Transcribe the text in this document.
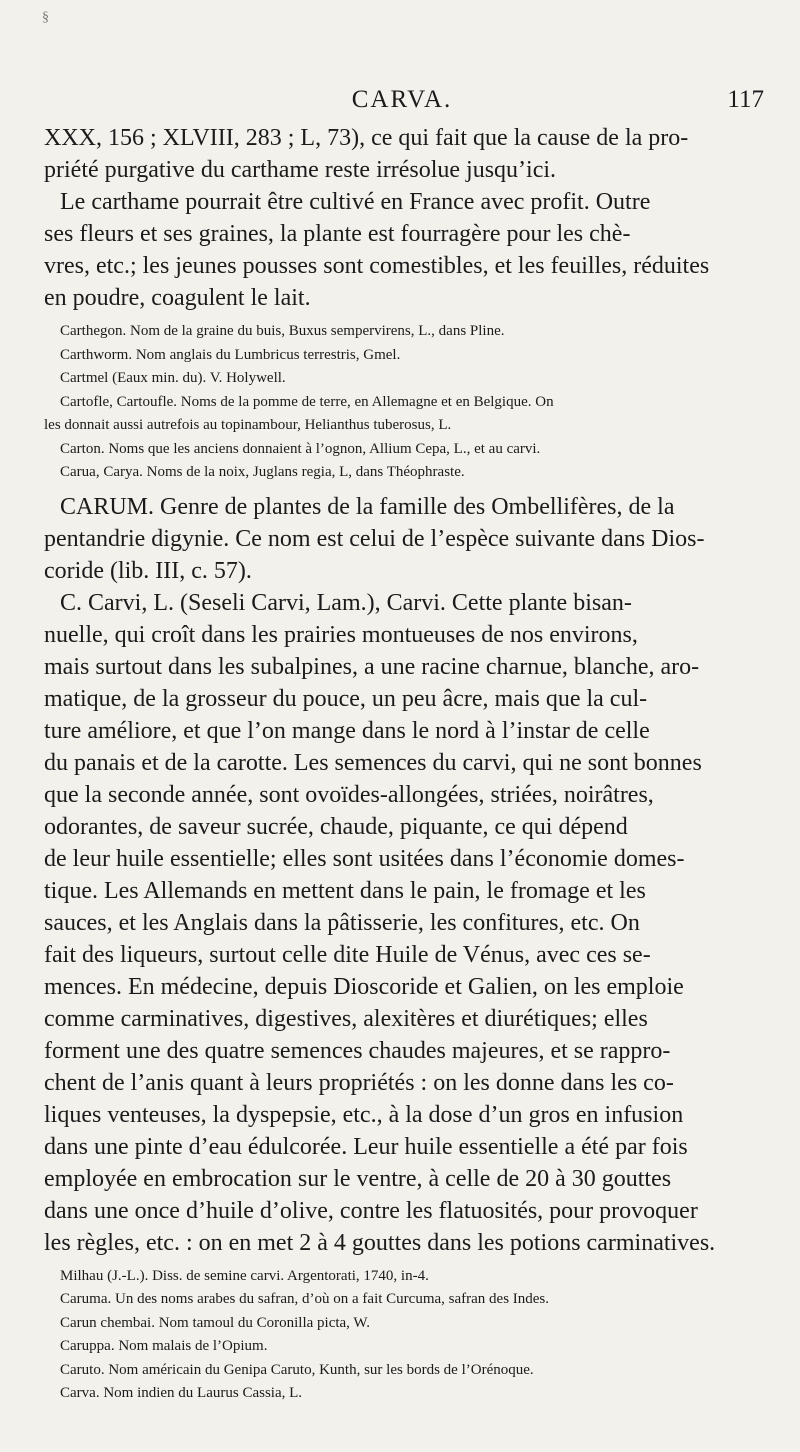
§
CARVA.	117
XXX, 156 ; XLVIII, 283 ; L, 73), ce qui fait que la cause de la pro-
priété purgative du carthame reste irrésolue jusqu’ici.
Le carthame pourrait être cultivé en France avec profit. Outre
ses fleurs et ses graines, la plante est fourragère pour les chè-
vres, etc.; les jeunes pousses sont comestibles, et les feuilles, réduites
en poudre, coagulent le lait.
Carthegon. Nom de la graine du buis, Buxus sempervirens, L., dans Pline.
Carthworm. Nom anglais du Lumbricus terrestris, Gmel.
Cartmel (Eaux min. du). V. Holywell.
Cartofle, Cartoufle. Noms de la pomme de terre, en Allemagne et en Belgique. On
les donnait aussi autrefois au topinambour, Helianthus tuberosus, L.
Carton. Noms que les anciens donnaient à l’ognon, Allium Cepa, L., et au carvi.
Carua, Carya. Noms de la noix, Juglans regia, L, dans Théophraste.
CARUM. Genre de plantes de la famille des Ombellifères, de la
pentandrie digynie. Ce nom est celui de l’espèce suivante dans Dios-
coride (lib. III, c. 57).
C. Carvi, L. (Seseli Carvi, Lam.), Carvi. Cette plante bisan-
nuelle, qui croît dans les prairies montueuses de nos environs,
mais surtout dans les subalpines, a une racine charnue, blanche, aro-
matique, de la grosseur du pouce, un peu âcre, mais que la cul-
ture améliore, et que l’on mange dans le nord à l’instar de celle
du panais et de la carotte. Les semences du carvi, qui ne sont bonnes
que la seconde année, sont ovoïdes-allongées, striées, noirâtres,
odorantes, de saveur sucrée, chaude, piquante, ce qui dépend
de leur huile essentielle; elles sont usitées dans l’économie domes-
tique. Les Allemands en mettent dans le pain, le fromage et les
sauces, et les Anglais dans la pâtisserie, les confitures, etc. On
fait des liqueurs, surtout celle dite Huile de Vénus, avec ces se-
mences. En médecine, depuis Dioscoride et Galien, on les emploie
comme carminatives, digestives, alexitères et diurétiques; elles
forment une des quatre semences chaudes majeures, et se rappro-
chent de l’anis quant à leurs propriétés : on les donne dans les co-
liques venteuses, la dyspepsie, etc., à la dose d’un gros en infusion
dans une pinte d’eau édulcorée. Leur huile essentielle a été par fois
employée en embrocation sur le ventre, à celle de 20 à 30 gouttes
dans une once d’huile d’olive, contre les flatuosités, pour provoquer
les règles, etc. : on en met 2 à 4 gouttes dans les potions carminatives.
Milhau (J.-L.). Diss. de semine carvi. Argentorati, 1740, in-4.
Caruma. Un des noms arabes du safran, d’où on a fait Curcuma, safran des Indes.
Carun chembai. Nom tamoul du Coronilla picta, W.
Caruppa. Nom malais de l’Opium.
Caruto. Nom américain du Genipa Caruto, Kunth, sur les bords de l’Orénoque.
Carva. Nom indien du Laurus Cassia, L.
